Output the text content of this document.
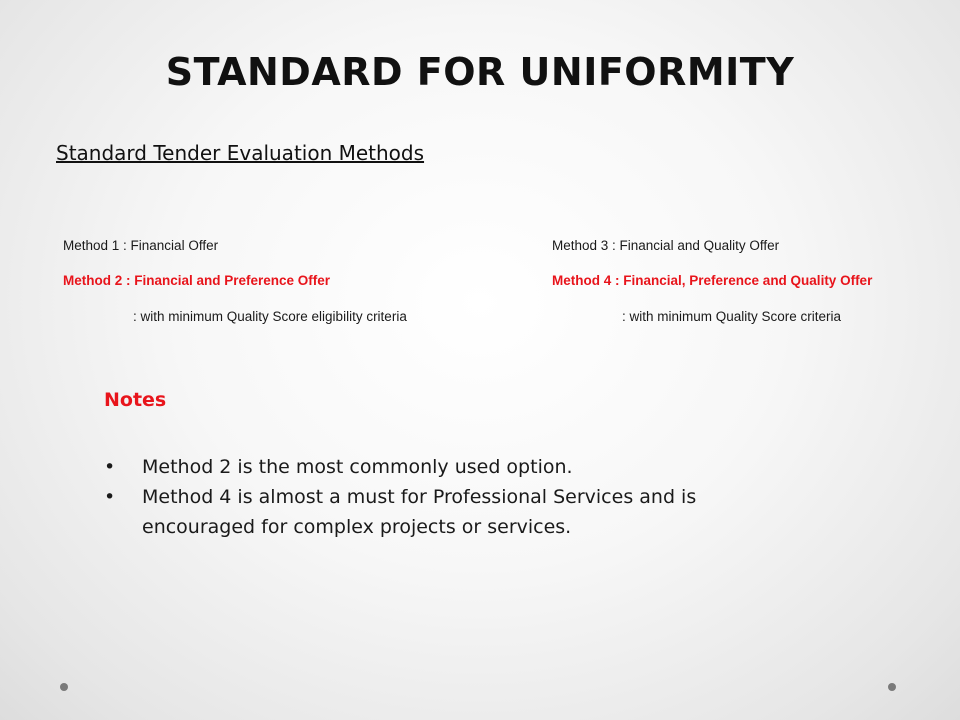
STANDARD FOR UNIFORMITY
Standard Tender Evaluation Methods
Method 1 : Financial Offer
Method 2 : Financial and Preference Offer
: with minimum Quality Score eligibility criteria
Method 3 : Financial and Quality Offer
Method 4 : Financial, Preference and Quality Offer
: with minimum Quality Score criteria
Notes
• Method 2 is the most commonly used option.
• Method 4 is almost a must for Professional Services and is encouraged for complex projects or services.
